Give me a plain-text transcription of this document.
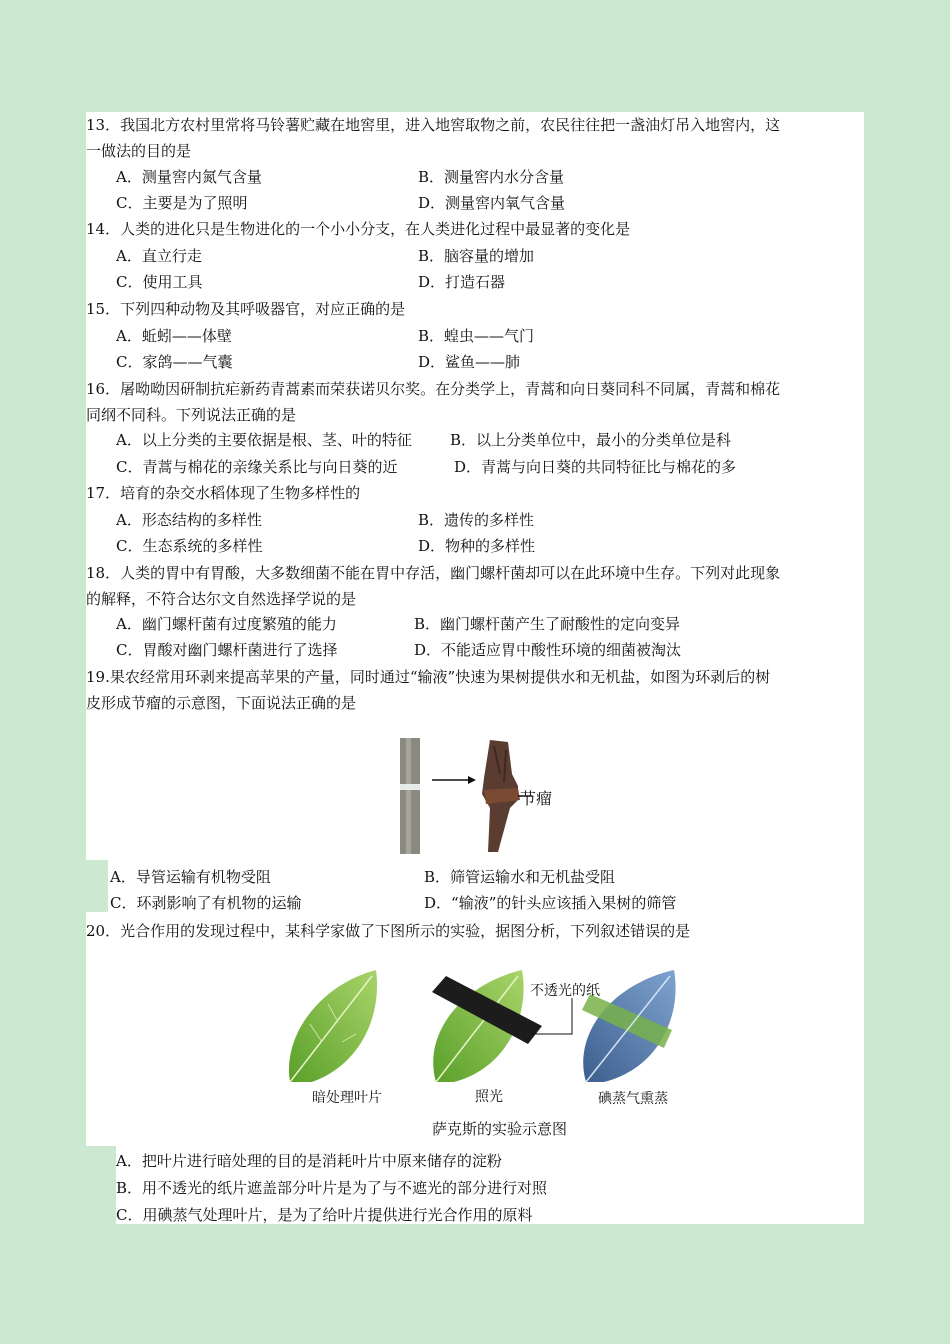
13．我国北方农村里常将马铃薯贮藏在地窖里，进入地窖取物之前，农民往往把一盏油灯吊入地窖内，这
一做法的目的是
A．测量窖内氮气含量	B．测量窖内水分含量
C．主要是为了照明	D．测量窖内氧气含量
14．人类的进化只是生物进化的一个小小分支，在人类进化过程中最显著的变化是
A．直立行走	B．脑容量的增加
C．使用工具	D．打造石器
15．下列四种动物及其呼吸器官，对应正确的是
A．蚯蚓——体壁	B．蝗虫——气门
C．家鸽——气囊	D．鲨鱼——肺
16．屠呦呦因研制抗疟新药青蒿素而荣获诺贝尔奖。在分类学上，青蒿和向日葵同科不同属，青蒿和棉花
同纲不同科。下列说法正确的是
A．以上分类的主要依据是根、茎、叶的特征	B．以上分类单位中，最小的分类单位是科
C．青蒿与棉花的亲缘关系比与向日葵的近	D．青蒿与向日葵的共同特征比与棉花的多
17．培育的杂交水稻体现了生物多样性的
A．形态结构的多样性	B．遗传的多样性
C．生态系统的多样性	D．物种的多样性
18．人类的胃中有胃酸，大多数细菌不能在胃中存活，幽门螺杆菌却可以在此环境中生存。下列对此现象
的解释，不符合达尔文自然选择学说的是
A．幽门螺杆菌有过度繁殖的能力	B．幽门螺杆菌产生了耐酸性的定向变异
C．胃酸对幽门螺杆菌进行了选择	D．不能适应胃中酸性环境的细菌被淘汰
19.果农经常用环剥来提高苹果的产量，同时通过“输液”快速为果树提供水和无机盐，如图为环剥后的树
皮形成节瘤的示意图，下面说法正确的是
节瘤
A．导管运输有机物受阻	B．筛管运输水和无机盐受阻
C．环剥影响了有机物的运输	D．“输液”的针头应该插入果树的筛管
20．光合作用的发现过程中，某科学家做了下图所示的实验，据图分析，下列叙述错误的是
不透光的纸
暗处理叶片	照光	碘蒸气熏蒸
萨克斯的实验示意图
A．把叶片进行暗处理的目的是消耗叶片中原来储存的淀粉
B．用不透光的纸片遮盖部分叶片是为了与不遮光的部分进行对照
C．用碘蒸气处理叶片，是为了给叶片提供进行光合作用的原料
